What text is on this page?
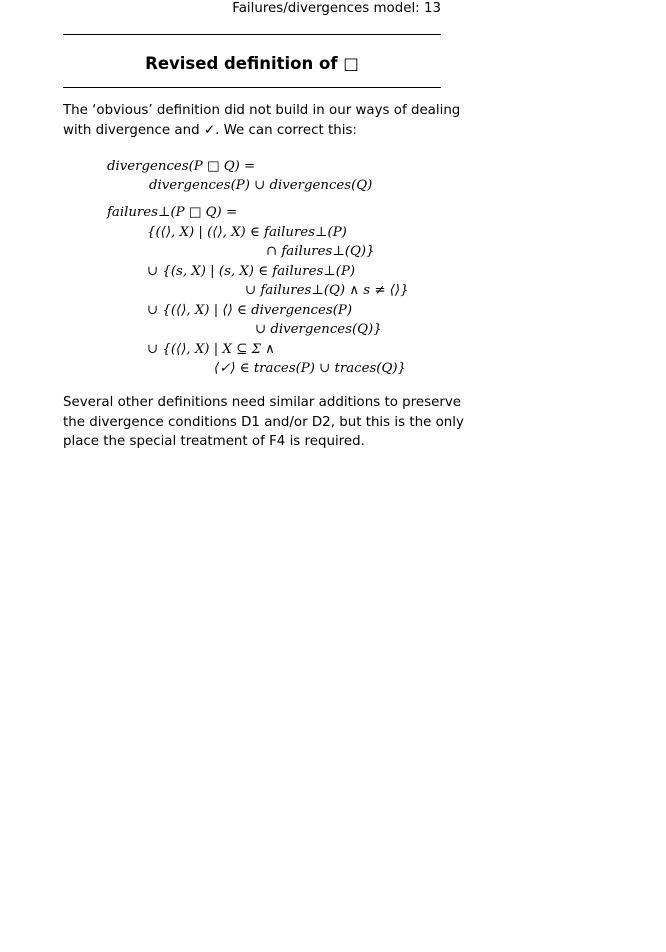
Failures/divergences model: 13
Revised definition of □
The ‘obvious’ definition did not build in our ways of dealing
with divergence and ✓. We can correct this:
divergences(P □ Q) =
divergences(P) ∪ divergences(Q)
failures⊥(P □ Q) =
{(⟨⟩, X) | (⟨⟩, X) ∈ failures⊥(P)
∩ failures⊥(Q)}
∪ {(s, X) | (s, X) ∈ failures⊥(P)
∪ failures⊥(Q) ∧ s ≠ ⟨⟩}
∪ {(⟨⟩, X) | ⟨⟩ ∈ divergences(P)
∪ divergences(Q)}
∪ {(⟨⟩, X) | X ⊆ Σ ∧
⟨✓⟩ ∈ traces(P) ∪ traces(Q)}
Several other definitions need similar additions to preserve
the divergence conditions D1 and/or D2, but this is the only
place the special treatment of F4 is required.
